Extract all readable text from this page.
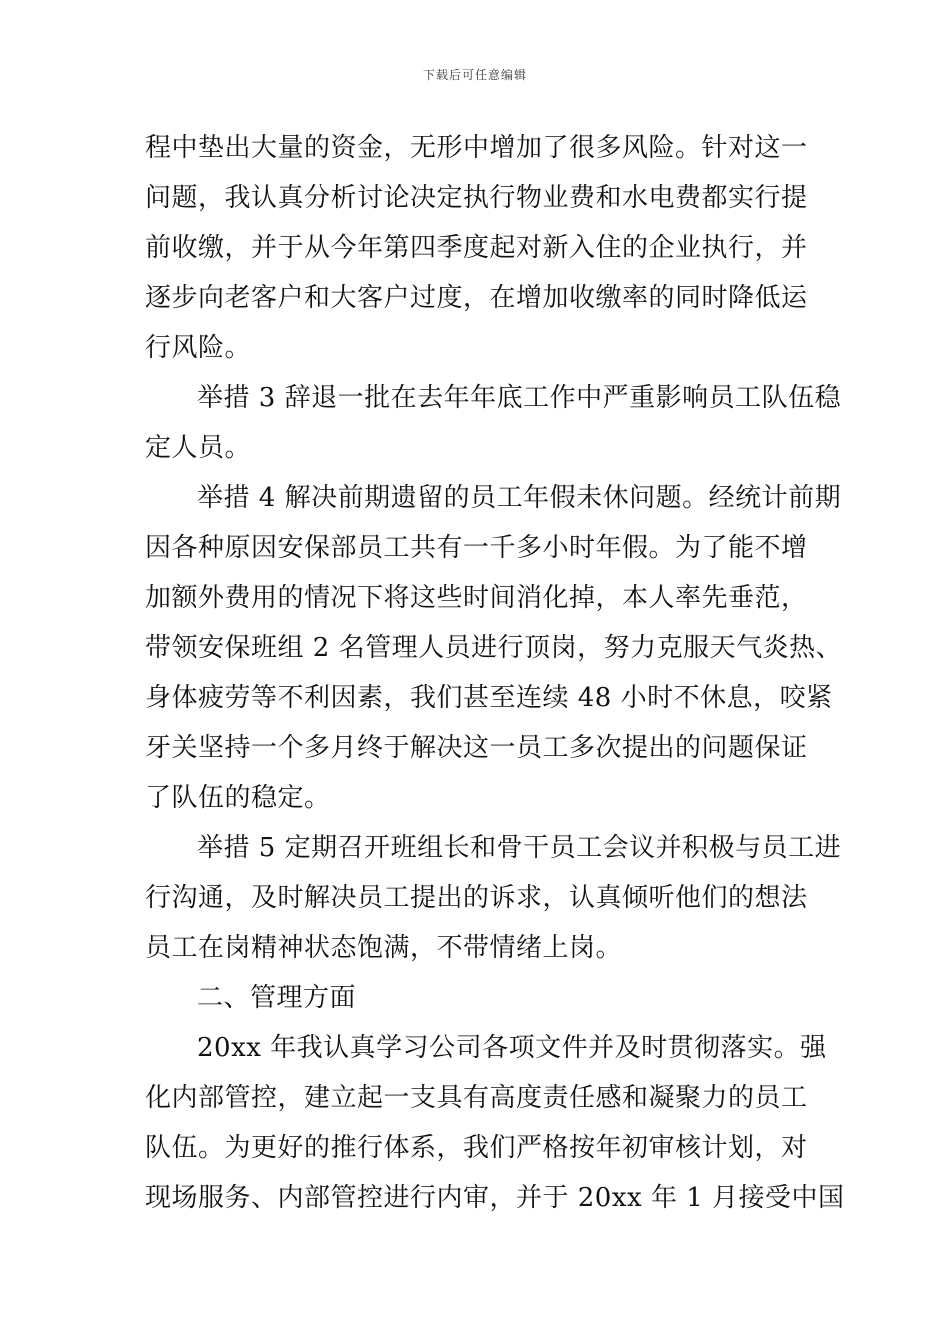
下载后可任意编辑
程中垫出大量的资金，无形中增加了很多风险。针对这一
问题，我认真分析讨论决定执行物业费和水电费都实行提
前收缴，并于从今年第四季度起对新入住的企业执行，并
逐步向老客户和大客户过度，在增加收缴率的同时降低运
行风险。
举措 3 辞退一批在去年年底工作中严重影响员工队伍稳
定人员。
举措 4 解决前期遗留的员工年假未休问题。经统计前期
因各种原因安保部员工共有一千多小时年假。为了能不增
加额外费用的情况下将这些时间消化掉，本人率先垂范，
带领安保班组 2 名管理人员进行顶岗，努力克服天气炎热、
身体疲劳等不利因素，我们甚至连续 48 小时不休息，咬紧
牙关坚持一个多月终于解决这一员工多次提出的问题保证
了队伍的稳定。
举措 5 定期召开班组长和骨干员工会议并积极与员工进
行沟通，及时解决员工提出的诉求，认真倾听他们的想法
员工在岗精神状态饱满，不带情绪上岗。
二、管理方面
20xx 年我认真学习公司各项文件并及时贯彻落实。强
化内部管控，建立起一支具有高度责任感和凝聚力的员工
队伍。为更好的推行体系，我们严格按年初审核计划，对
现场服务、内部管控进行内审，并于 20xx 年 1 月接受中国
